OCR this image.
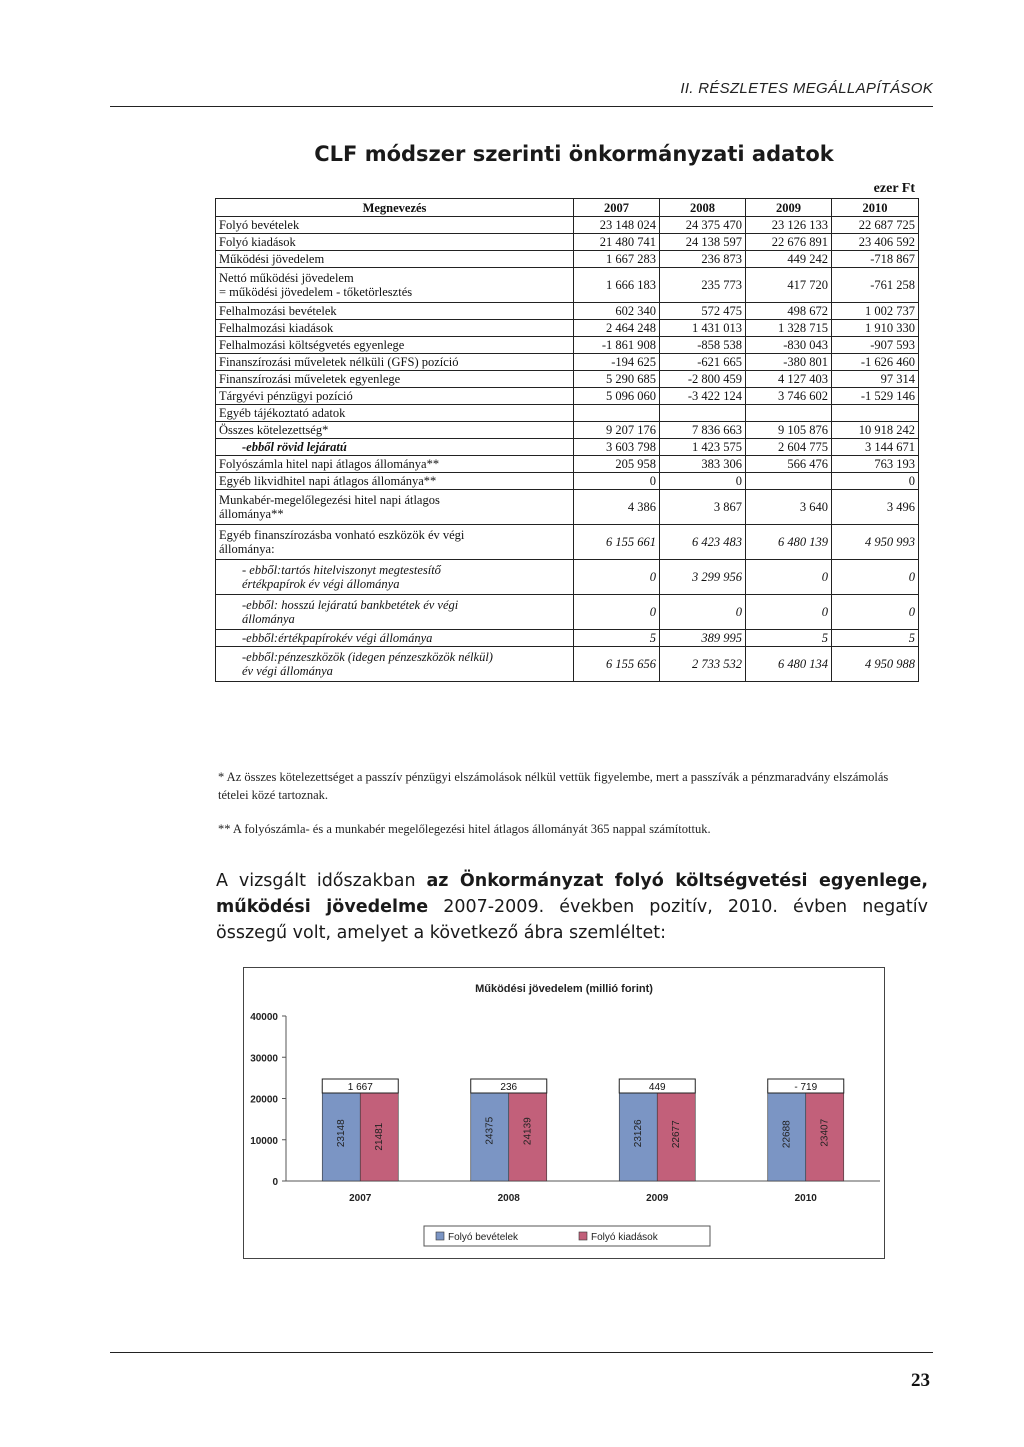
II. RÉSZLETES MEGÁLLAPÍTÁSOK
CLF módszer szerinti önkormányzati adatok
ezer Ft
Megnevezés	2007	2008	2009	2010

Folyó bevételek	23 148 024	24 375 470	23 126 133	22 687 725

Folyó kiadások	21 480 741	24 138 597	22 676 891	23 406 592

Működési jövedelem	1 667 283	236 873	449 242	-718 867

Nettó működési jövedelem
= működési jövedelem - tőketörlesztés	1 666 183	235 773	417 720	-761 258

Felhalmozási bevételek	602 340	572 475	498 672	1 002 737

Felhalmozási kiadások	2 464 248	1 431 013	1 328 715	1 910 330

Felhalmozási költségvetés egyenlege	-1 861 908	-858 538	-830 043	-907 593

Finanszírozási műveletek nélküli (GFS) pozíció	-194 625	-621 665	-380 801	-1 626 460

Finanszírozási műveletek egyenlege	5 290 685	-2 800 459	4 127 403	97 314

Tárgyévi pénzügyi pozíció	5 096 060	-3 422 124	3 746 602	-1 529 146

Egyéb tájékoztató adatok				

Összes kötelezettség*	9 207 176	7 836 663	9 105 876	10 918 242

-ebből rövid lejáratú	3 603 798	1 423 575	2 604 775	3 144 671

Folyószámla hitel napi átlagos állománya**	205 958	383 306	566 476	763 193

Egyéb likvidhitel napi átlagos állománya**	0	0		0

Munkabér-megelőlegezési hitel napi átlagos
állománya**	4 386	3 867	3 640	3 496

Egyéb finanszírozásba vonható eszközök év végi
állománya:	6 155 661	6 423 483	6 480 139	4 950 993

- ebből:tartós hitelviszonyt megtestesítő
értékpapírok év végi állománya	0	3 299 956	0	0

-ebből: hosszú lejáratú bankbetétek év végi
állománya	0	0	0	0

-ebből:értékpapírokév végi állománya	5	389 995	5	5

-ebből:pénzeszközök (idegen pénzeszközök nélkül)
év végi állománya	6 155 656	2 733 532	6 480 134	4 950 988
* Az összes kötelezettséget a passzív pénzügyi elszámolások nélkül vettük figyelembe, mert a passzívák a pénzmaradvány elszámolás tételei közé tartoznak.
** A folyószámla- és a munkabér megelőlegezési hitel átlagos állományát 365 nappal számítottuk.
A vizsgált időszakban az Önkormányzat folyó költségvetési egyenlege, működési jövedelme 2007-2009. években pozitív, 2010. évben negatív összegű volt, amelyet a következő ábra szemléltet:
Működési jövedelem (millió forint)
0
10000
20000
30000
40000
2007
23148	21481
1 667
2008
24375	24139
236
2009
23126	22677
449
2010
22688	23407
- 719
Folyó bevételek	Folyó kiadások
23
